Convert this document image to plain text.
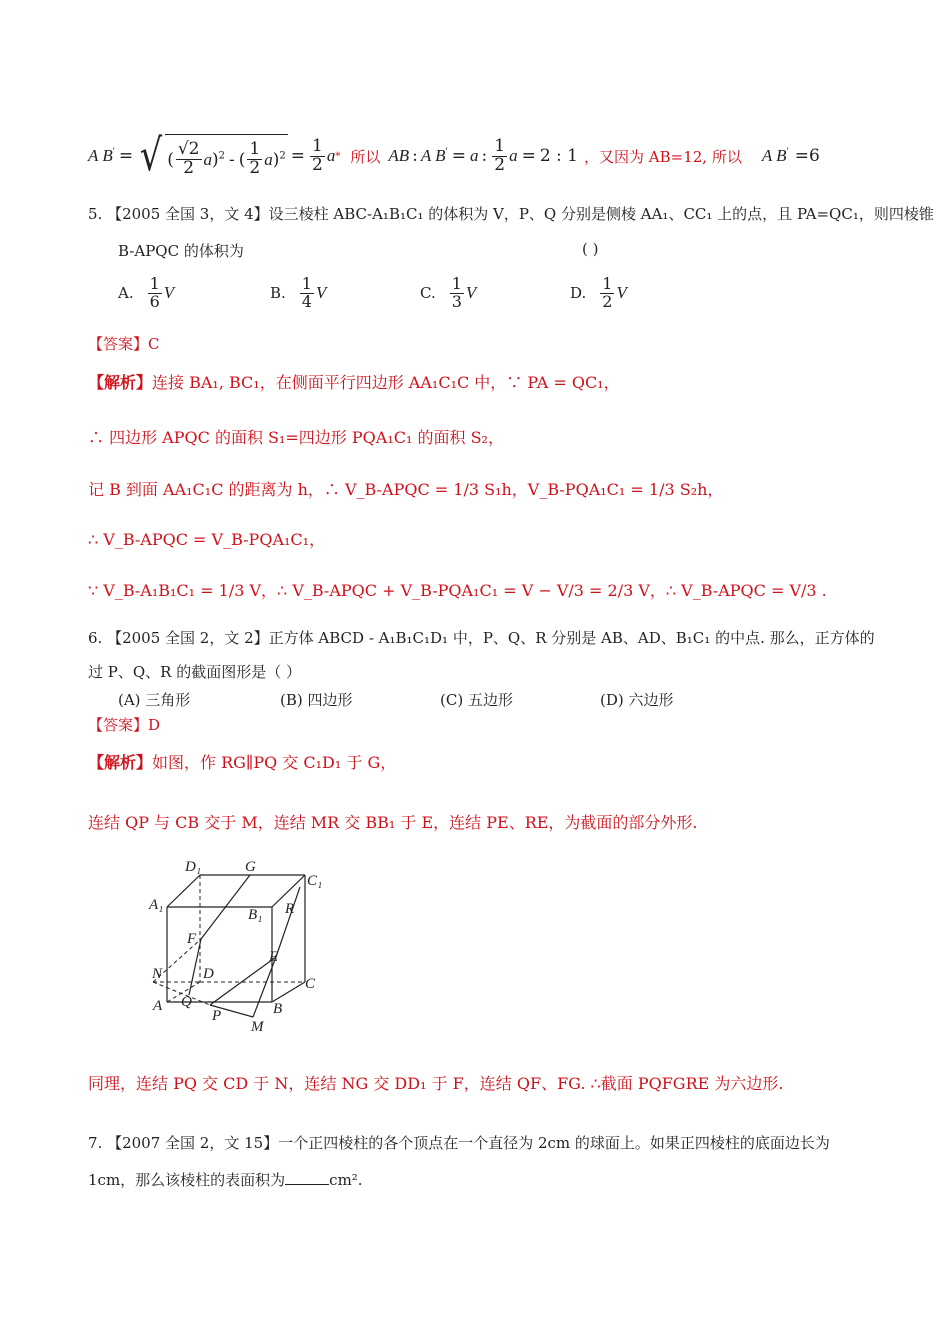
A B′ = √ ( $\frac{√2}{2}$ a )$^2$ - ( $\frac{1}{2}$ a )$^2 = \frac{1}{2}$ a * 所以 AB : A B′ = a : $\frac{1}{2}$ a = 2 : 1 ， 又因为 AB=12, 所以 A B′ =6
5. 【2005 全国 3，文 4】设三棱柱 ABC-A₁B₁C₁ 的体积为 V，P、Q 分别是侧棱 AA₁、CC₁ 上的点，且 PA=QC₁，则四棱锥
B-APQC 的体积为	( )
A. $\frac{1}{6}$ V	B. $\frac{1}{4}$ V	C. $\frac{1}{3}$ V	D. $\frac{1}{2}$ V
【答案】C
【解析】连接 BA₁, BC₁，在侧面平行四边形 AA₁C₁C 中，∵ PA = QC₁，
∴ 四边形 APQC 的面积 S₁=四边形 PQA₁C₁ 的面积 S₂，
记 B 到面 AA₁C₁C 的距离为 h，∴ V_B-APQC = 1/3 S₁h，V_B-PQA₁C₁ = 1/3 S₂h，
∴ V_B-APQC = V_B-PQA₁C₁，
∵ V_B-A₁B₁C₁ = 1/3 V，∴ V_B-APQC + V_B-PQA₁C₁ = V − V/3 = 2/3 V，∴ V_B-APQC = V/3 .
6. 【2005 全国 2，文 2】正方体 ABCD - A₁B₁C₁D₁ 中，P、Q、R 分别是 AB、AD、B₁C₁ 的中点. 那么，正方体的
过 P、Q、R 的截面图形是（ ）
(A) 三角形	(B) 四边形	(C) 五边形	(D) 六边形
【答案】D
【解析】如图，作 RG∥PQ 交 C₁D₁ 于 G，
连结 QP 与 CB 交于 M，连结 MR 交 BB₁ 于 E，连结 PE、RE，为截面的部分外形.
D₁	G
C₁
A₁
B₁ R
F
E
N	D
C
A Q
P	B
M
同理，连结 PQ 交 CD 于 N，连结 NG 交 DD₁ 于 F，连结 QF、FG. ∴截面 PQFGRE 为六边形.
7. 【2007 全国 2，文 15】一个正四棱柱的各个顶点在一个直径为 2cm 的球面上。如果正四棱柱的底面边长为
1cm，那么该棱柱的表面积为	cm².
